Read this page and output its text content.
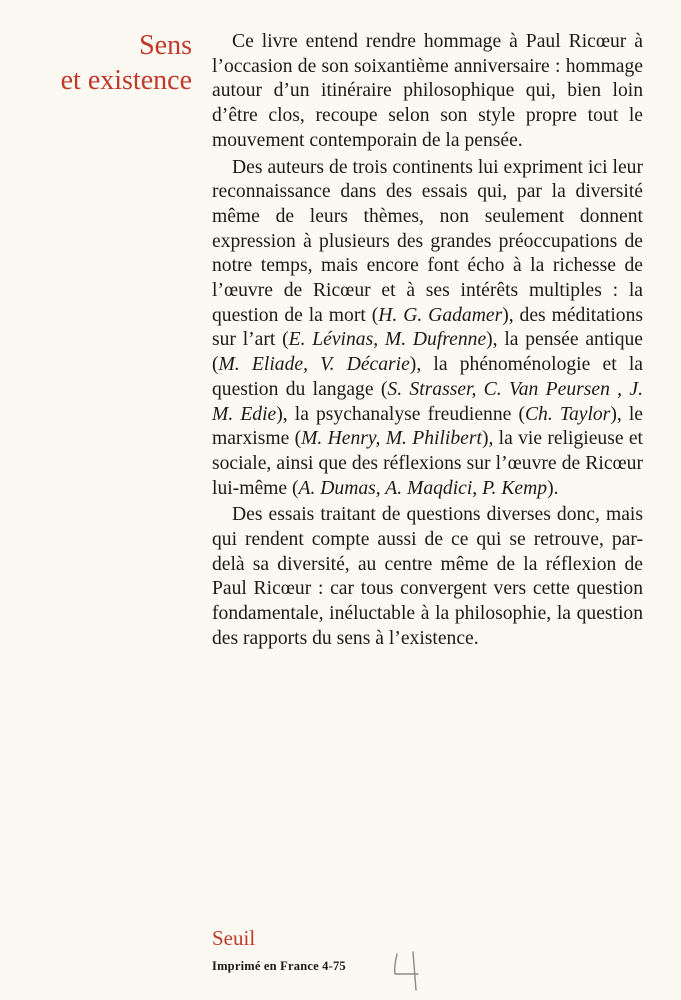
Sens
et existence

Ce livre entend rendre hommage à Paul Ricœur à l’occasion de son soixantième anniversaire : hommage autour d’un itinéraire philosophique qui, bien loin d’être clos, recoupe selon son style propre tout le mouvement contemporain de la pensée.

Des auteurs de trois continents lui expriment ici leur reconnaissance dans des essais qui, par la diversité même de leurs thèmes, non seulement donnent expression à plusieurs des grandes préoccupations de notre temps, mais encore font écho à la richesse de l’œuvre de Ricœur et à ses intérêts multiples : la question de la mort (H. G. Gadamer), des méditations sur l’art (E. Lévinas, M. Dufrenne), la pensée antique (M. Eliade, V. Décarie), la phénoménologie et la question du langage (S. Strasser, C. Van Peursen , J. M. Edie), la psychanalyse freudienne (Ch. Taylor), le marxisme (M. Henry, M. Philibert), la vie religieuse et sociale, ainsi que des réflexions sur l’œuvre de Ricœur lui-même (A. Dumas, A. Maqdici, P. Kemp).

Des essais traitant de questions diverses donc, mais qui rendent compte aussi de ce qui se retrouve, par-delà sa diversité, au centre même de la réflexion de Paul Ricœur : car tous convergent vers cette question fondamentale, inéluctable à la philosophie, la question des rapports du sens à l’existence.

Seuil
Imprimé en France 4-75
